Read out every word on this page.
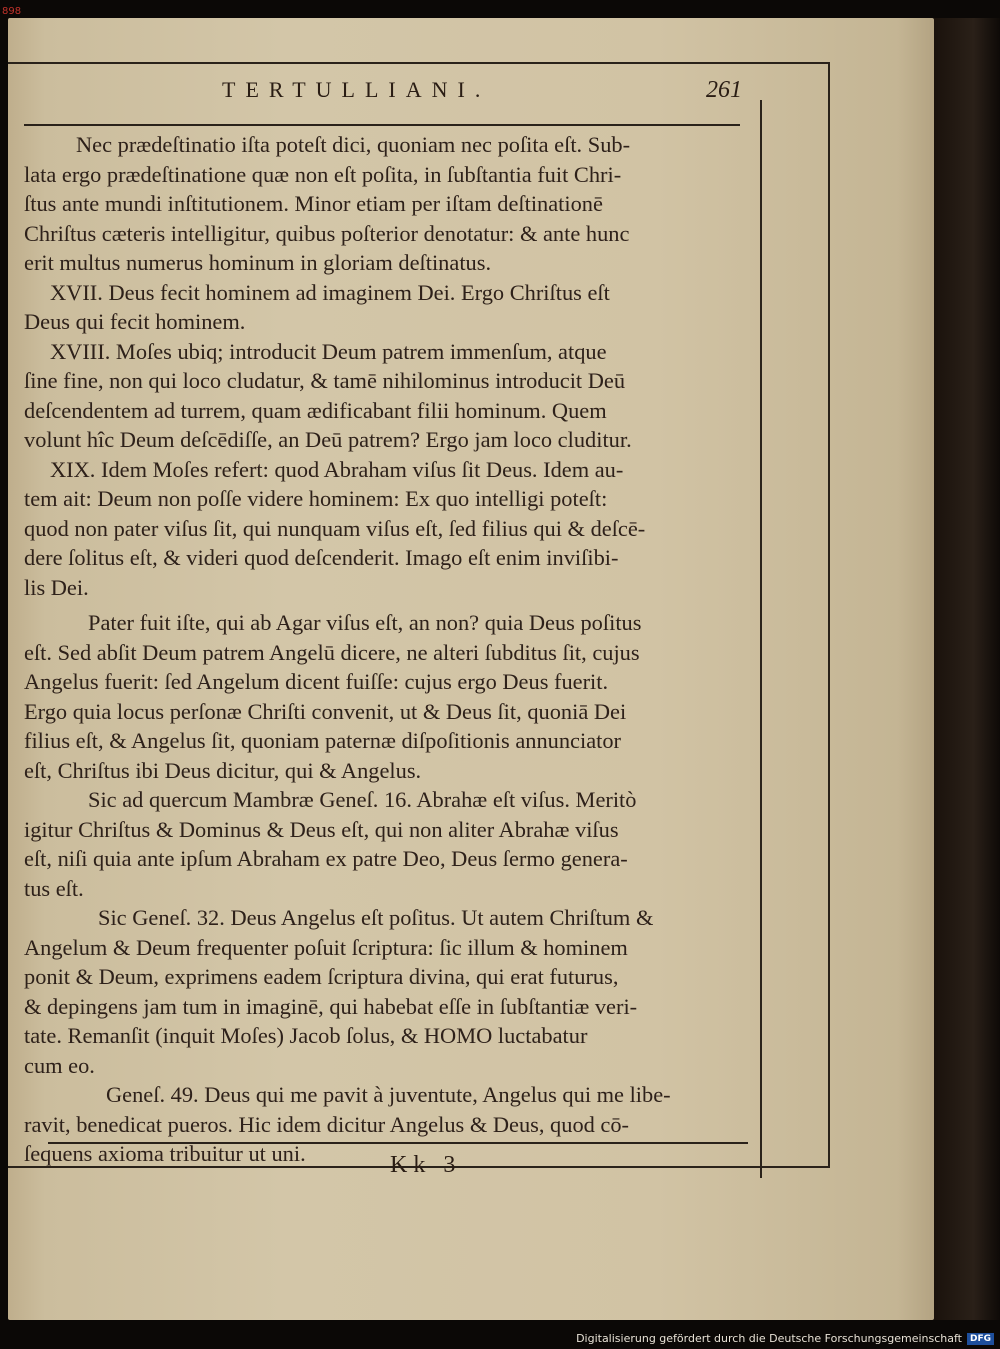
898
TERTULLIANI.	261
Nec prædeſtinatio iſta poteſt dici, quoniam nec poſita eſt. Sub-
lata ergo prædeſtinatione quæ non eſt poſita, in ſubſtantia fuit Chri-
ſtus ante mundi inſtitutionem. Minor etiam per iſtam deſtinationē
Chriſtus cæteris intelligitur, quibus poſterior denotatur: & ante hunc
erit multus numerus hominum in gloriam deſtinatus.
XVII. Deus fecit hominem ad imaginem Dei. Ergo Chriſtus eſt
Deus qui fecit hominem.
XVIII. Moſes ubiq; introducit Deum patrem immenſum, atque
ſine fine, non qui loco cludatur, & tamē nihilominus introducit Deū
deſcendentem ad turrem, quam ædificabant filii hominum. Quem
volunt hîc Deum deſcēdiſſe, an Deū patrem? Ergo jam loco cluditur.
XIX. Idem Moſes refert: quod Abraham viſus ſit Deus. Idem au-
tem ait: Deum non poſſe videre hominem: Ex quo intelligi poteſt:
quod non pater viſus ſit, qui nunquam viſus eſt, ſed filius qui & deſcē-
dere ſolitus eſt, & videri quod deſcenderit. Imago eſt enim inviſibi-
lis Dei.
Pater fuit iſte, qui ab Agar viſus eſt, an non? quia Deus poſitus
eſt. Sed abſit Deum patrem Angelū dicere, ne alteri ſubditus ſit, cujus
Angelus fuerit: ſed Angelum dicent fuiſſe: cujus ergo Deus fuerit.
Ergo quia locus perſonæ Chriſti convenit, ut & Deus ſit, quoniā Dei
filius eſt, & Angelus ſit, quoniam paternæ diſpoſitionis annunciator
eſt, Chriſtus ibi Deus dicitur, qui & Angelus.
Sic ad quercum Mambræ Geneſ. 16. Abrahæ eſt viſus. Meritò
igitur Chriſtus & Dominus & Deus eſt, qui non aliter Abrahæ viſus
eſt, niſi quia ante ipſum Abraham ex patre Deo, Deus ſermo genera-
tus eſt.
Sic Geneſ. 32. Deus Angelus eſt poſitus. Ut autem Chriſtum &
Angelum & Deum frequenter poſuit ſcriptura: ſic illum & hominem
ponit & Deum, exprimens eadem ſcriptura divina, qui erat futurus,
& depingens jam tum in imaginē, qui habebat eſſe in ſubſtantiæ veri-
tate. Remanſit (inquit Moſes) Jacob ſolus, & HOMO luctabatur
cum eo.
Geneſ. 49. Deus qui me pavit à juventute, Angelus qui me libe-
ravit, benedicat pueros. Hic idem dicitur Angelus & Deus, quod cō-
ſequens axioma tribuitur ut uni.	Kk 3
Digitalisierung gefördert durch die Deutsche Forschungsgemeinschaft DFG
